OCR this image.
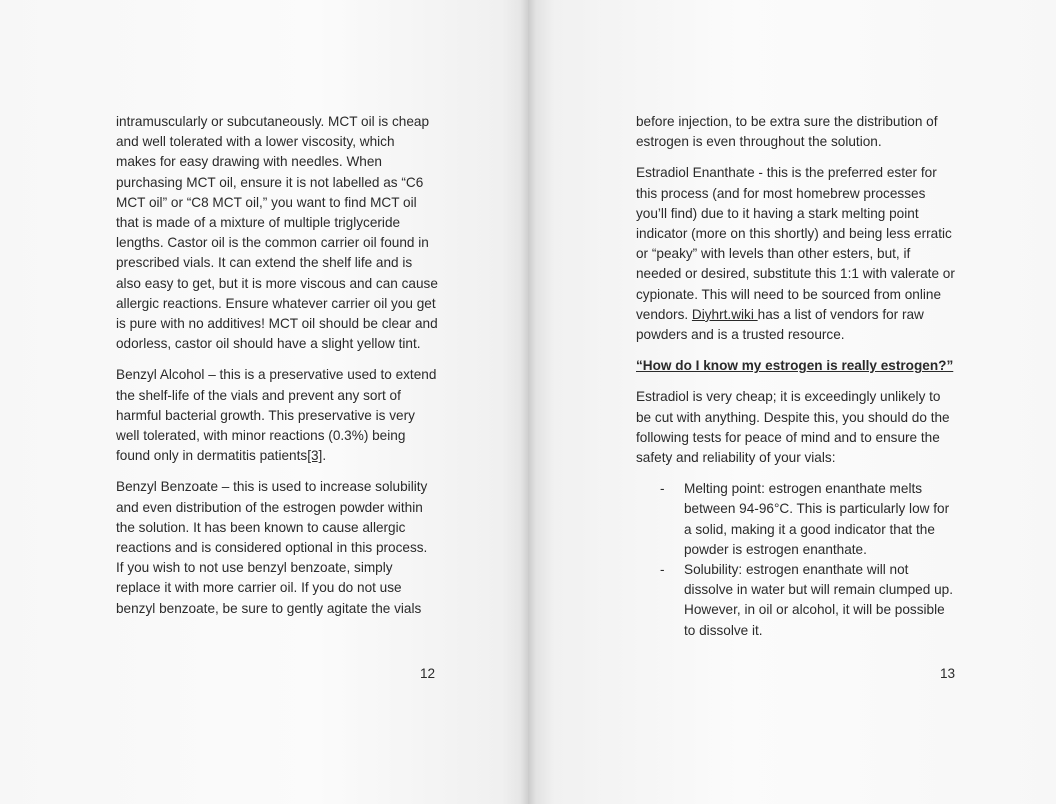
intramuscularly or subcutaneously. MCT oil is cheap and well tolerated with a lower viscosity, which makes for easy drawing with needles. When purchasing MCT oil, ensure it is not labelled as “C6 MCT oil” or “C8 MCT oil,” you want to find MCT oil that is made of a mixture of multiple triglyceride lengths. Castor oil is the common carrier oil found in prescribed vials. It can extend the shelf life and is also easy to get, but it is more viscous and can cause allergic reactions. Ensure whatever carrier oil you get is pure with no additives! MCT oil should be clear and odorless, castor oil should have a slight yellow tint.

Benzyl Alcohol – this is a preservative used to extend the shelf-life of the vials and prevent any sort of harmful bacterial growth. This preservative is very well tolerated, with minor reactions (0.3%) being found only in dermatitis patients[3].

Benzyl Benzoate – this is used to increase solubility and even distribution of the estrogen powder within the solution. It has been known to cause allergic reactions and is considered optional in this process. If you wish to not use benzyl benzoate, simply replace it with more carrier oil. If you do not use benzyl benzoate, be sure to gently agitate the vials

12

before injection, to be extra sure the distribution of estrogen is even throughout the solution.

Estradiol Enanthate - this is the preferred ester for this process (and for most homebrew processes you’ll find) due to it having a stark melting point indicator (more on this shortly) and being less erratic or “peaky” with levels than other esters, but, if needed or desired, substitute this 1:1 with valerate or cypionate. This will need to be sourced from online vendors. Diyhrt.wiki has a list of vendors for raw powders and is a trusted resource.

“How do I know my estrogen is really estrogen?”

Estradiol is very cheap; it is exceedingly unlikely to be cut with anything. Despite this, you should do the following tests for peace of mind and to ensure the safety and reliability of your vials:

- Melting point: estrogen enanthate melts between 94-96°C. This is particularly low for a solid, making it a good indicator that the powder is estrogen enanthate.
- Solubility: estrogen enanthate will not dissolve in water but will remain clumped up. However, in oil or alcohol, it will be possible to dissolve it.
13
